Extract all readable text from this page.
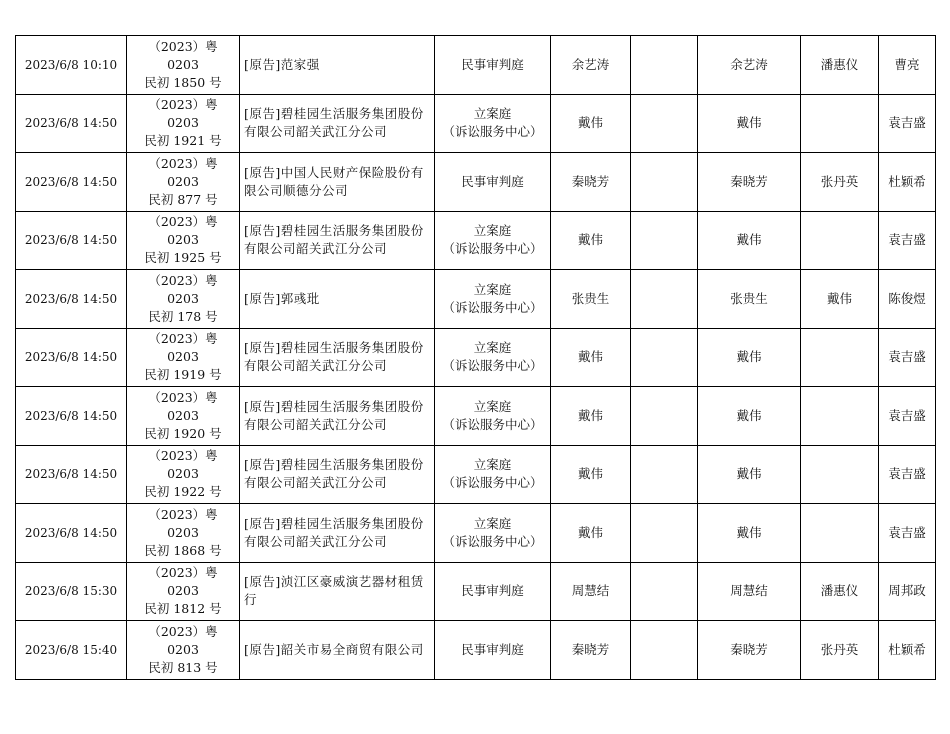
2023/6/8 10:10	（2023）粤 0203
民初 1850 号	[原告]范家强	民事审判庭	余艺涛		余艺涛	潘惠仪	曹亮
2023/6/8 14:50	（2023）粤 0203
民初 1921 号	[原告]碧桂园生活服务集团股份有限公司韶关武江分公司	立案庭
（诉讼服务中心）	戴伟		戴伟		袁吉盛
2023/6/8 14:50	（2023）粤 0203
民初 877 号	[原告]中国人民财产保险股份有限公司顺德分公司	民事审判庭	秦晓芳		秦晓芳	张丹英	杜颖希
2023/6/8 14:50	（2023）粤 0203
民初 1925 号	[原告]碧桂园生活服务集团股份有限公司韶关武江分公司	立案庭
（诉讼服务中心）	戴伟		戴伟		袁吉盛
2023/6/8 14:50	（2023）粤 0203
民初 178 号	[原告]郭彧玭	立案庭
（诉讼服务中心）	张贵生		张贵生	戴伟	陈俊煜
2023/6/8 14:50	（2023）粤 0203
民初 1919 号	[原告]碧桂园生活服务集团股份有限公司韶关武江分公司	立案庭
（诉讼服务中心）	戴伟		戴伟		袁吉盛
2023/6/8 14:50	（2023）粤 0203
民初 1920 号	[原告]碧桂园生活服务集团股份有限公司韶关武江分公司	立案庭
（诉讼服务中心）	戴伟		戴伟		袁吉盛
2023/6/8 14:50	（2023）粤 0203
民初 1922 号	[原告]碧桂园生活服务集团股份有限公司韶关武江分公司	立案庭
（诉讼服务中心）	戴伟		戴伟		袁吉盛
2023/6/8 14:50	（2023）粤 0203
民初 1868 号	[原告]碧桂园生活服务集团股份有限公司韶关武江分公司	立案庭
（诉讼服务中心）	戴伟		戴伟		袁吉盛
2023/6/8 15:30	（2023）粤 0203
民初 1812 号	[原告]浈江区豪威演艺器材租赁行	民事审判庭	周慧结		周慧结	潘惠仪	周邦政
2023/6/8 15:40	（2023）粤 0203
民初 813 号	[原告]韶关市易全商贸有限公司	民事审判庭	秦晓芳		秦晓芳	张丹英	杜颖希
